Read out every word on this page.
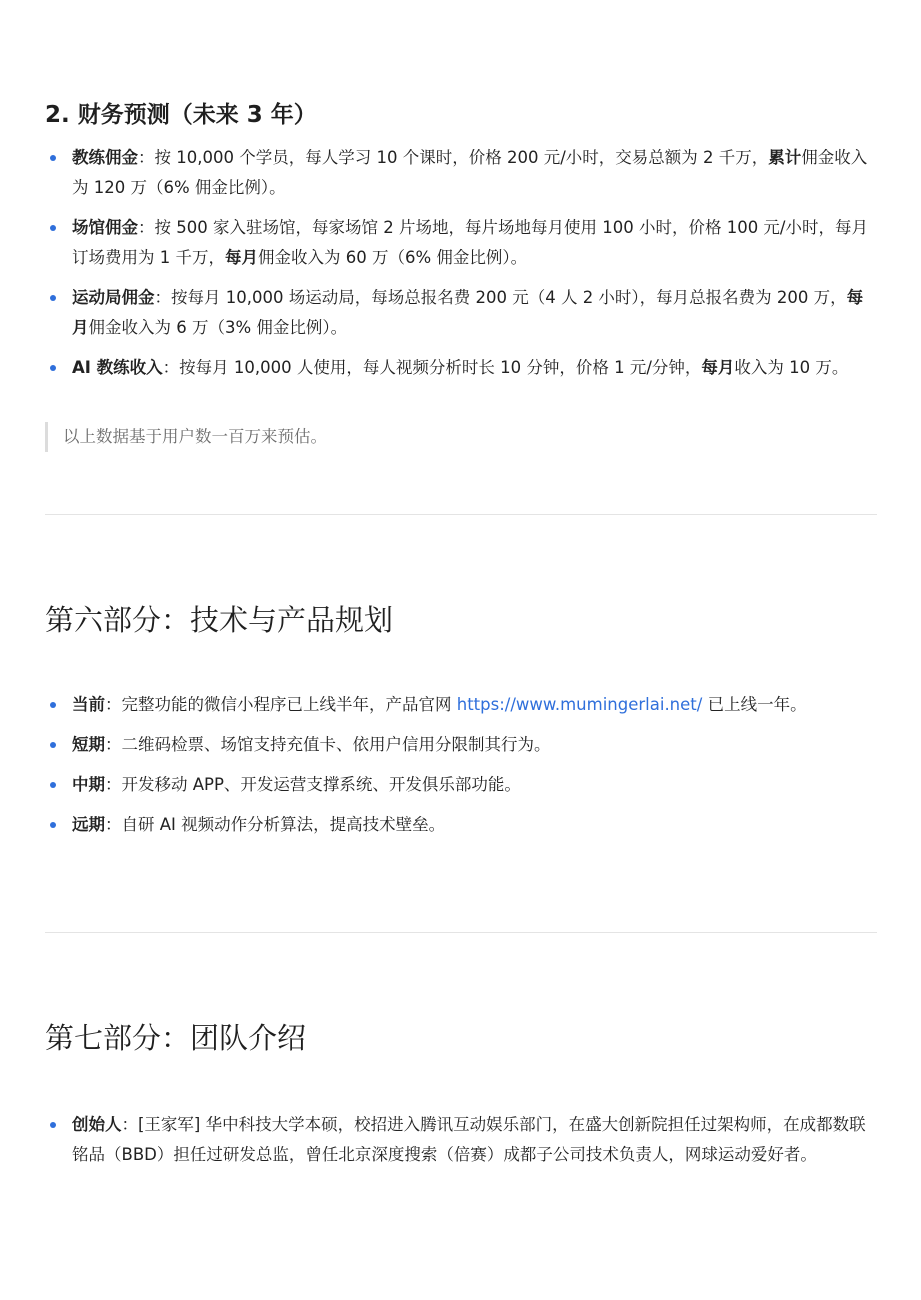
2. 财务预测（未来 3 年）
教练佣金：按 10,000 个学员，每人学习 10 个课时，价格 200 元/小时，交易总额为 2 千万，累计佣金收入为 120 万（6% 佣金比例）。
场馆佣金：按 500 家入驻场馆，每家场馆 2 片场地，每片场地每月使用 100 小时，价格 100 元/小时，每月订场费用为 1 千万，每月佣金收入为 60 万（6% 佣金比例）。
运动局佣金：按每月 10,000 场运动局，每场总报名费 200 元（4 人 2 小时），每月总报名费为 200 万，每月佣金收入为 6 万（3% 佣金比例）。
AI 教练收入：按每月 10,000 人使用，每人视频分析时长 10 分钟，价格 1 元/分钟，每月收入为 10 万。
以上数据基于用户数一百万来预估。
第六部分：技术与产品规划
当前：完整功能的微信小程序已上线半年，产品官网 https://www.mumingerlai.net/ 已上线一年。
短期：二维码检票、场馆支持充值卡、依用户信用分限制其行为。
中期：开发移动 APP、开发运营支撑系统、开发俱乐部功能。
远期：自研 AI 视频动作分析算法，提高技术壁垒。
第七部分：团队介绍
创始人：[王家军] 华中科技大学本硕，校招进入腾讯互动娱乐部门，在盛大创新院担任过架构师，在成都数联铭品（BBD）担任过研发总监，曾任北京深度搜索（倍赛）成都子公司技术负责人，网球运动爱好者。
